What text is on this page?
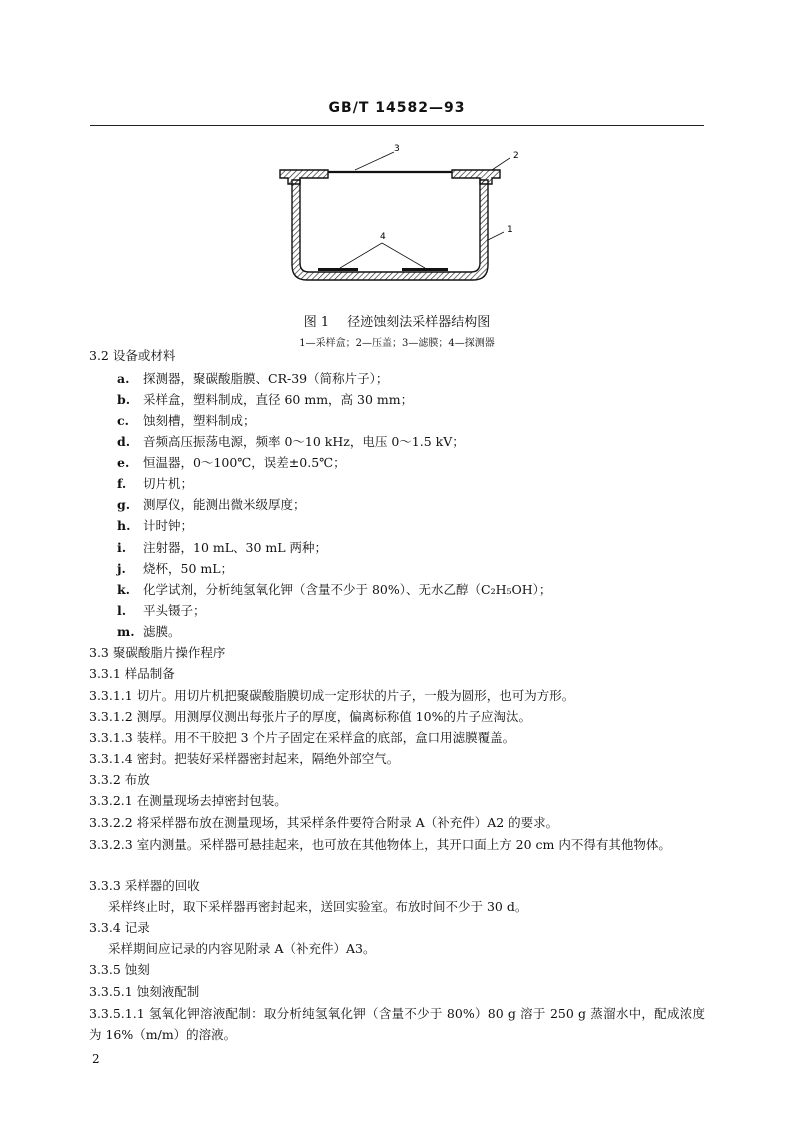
GB/T 14582—93
3
2
1
4
图 1 径迹蚀刻法采样器结构图
1—采样盒；2—压盖；3—滤膜；4—探测器
3.2 设备或材料
a. 探测器，聚碳酸脂膜、CR-39（简称片子）；
b. 采样盒，塑料制成，直径 60 mm，高 30 mm；
c. 蚀刻槽，塑料制成；
d. 音频高压振荡电源，频率 0～10 kHz，电压 0～1.5 kV；
e. 恒温器，0～100℃，误差±0.5℃；
f. 切片机；
g. 测厚仪，能测出微米级厚度；
h. 计时钟；
i. 注射器，10 mL、30 mL 两种；
j. 烧杯，50 mL；
k. 化学试剂，分析纯氢氧化钾（含量不少于 80%）、无水乙醇（C₂H₅OH）；
l. 平头镊子；
m. 滤膜。
3.3 聚碳酸脂片操作程序
3.3.1 样品制备
3.3.1.1 切片。用切片机把聚碳酸脂膜切成一定形状的片子，一般为圆形，也可为方形。
3.3.1.2 测厚。用测厚仪测出每张片子的厚度，偏离标称值 10%的片子应淘汰。
3.3.1.3 装样。用不干胶把 3 个片子固定在采样盒的底部，盒口用滤膜覆盖。
3.3.1.4 密封。把装好采样器密封起来，隔绝外部空气。
3.3.2 布放
3.3.2.1 在测量现场去掉密封包装。
3.3.2.2 将采样器布放在测量现场，其采样条件要符合附录 A（补充件）A2 的要求。
3.3.2.3 室内测量。采样器可悬挂起来，也可放在其他物体上，其开口面上方 20 cm 内不得有其他物体。
3.3.3 采样器的回收
采样终止时，取下采样器再密封起来，送回实验室。布放时间不少于 30 d。
3.3.4 记录
采样期间应记录的内容见附录 A（补充件）A3。
3.3.5 蚀刻
3.3.5.1 蚀刻液配制
3.3.5.1.1 氢氧化钾溶液配制：取分析纯氢氧化钾（含量不少于 80%）80 g 溶于 250 g 蒸溜水中，配成浓度为 16%（m/m）的溶液。
2
